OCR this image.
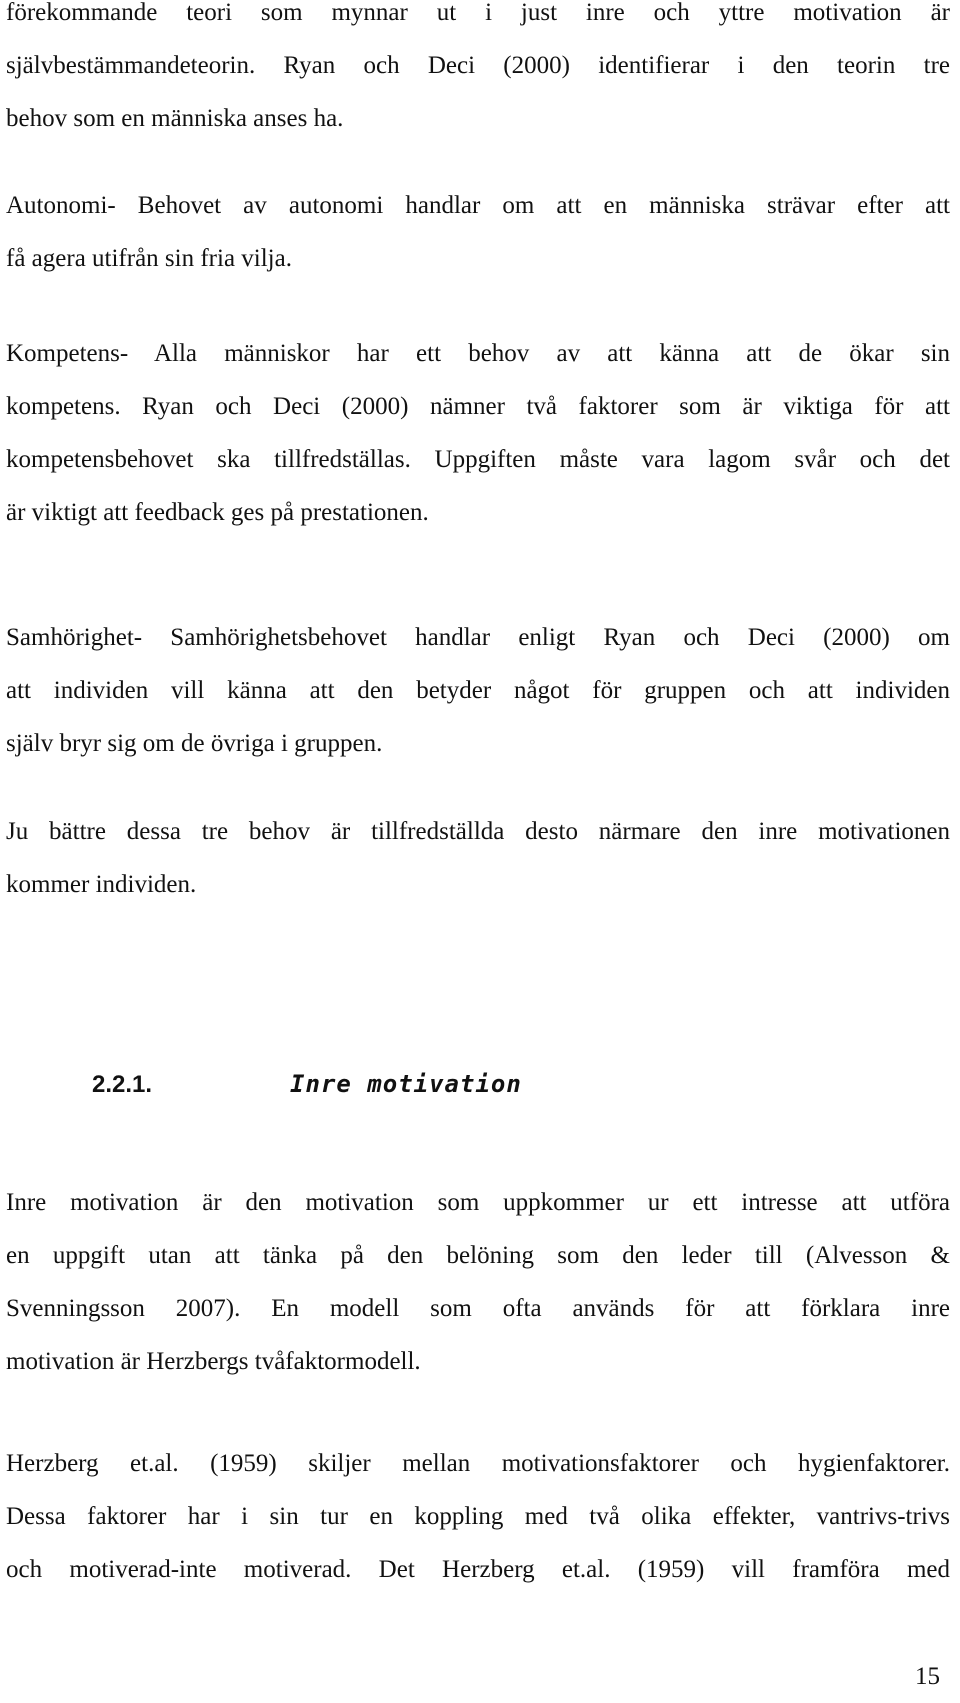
förekommande teori som mynnar ut i just inre och yttre motivation är
självbestämmandeteorin. Ryan och Deci (2000) identifierar i den teorin tre
behov som en människa anses ha.

Autonomi- Behovet av autonomi handlar om att en människa strävar efter att
få agera utifrån sin fria vilja.

Kompetens- Alla människor har ett behov av att känna att de ökar sin
kompetens. Ryan och Deci (2000) nämner två faktorer som är viktiga för att
kompetensbehovet ska tillfredställas. Uppgiften måste vara lagom svår och det
är viktigt att feedback ges på prestationen.

Samhörighet- Samhörighetsbehovet handlar enligt Ryan och Deci (2000) om
att individen vill känna att den betyder något för gruppen och att individen
själv bryr sig om de övriga i gruppen.

Ju bättre dessa tre behov är tillfredställda desto närmare den inre motivationen
kommer individen.

2.2.1.	Inre motivation

Inre motivation är den motivation som uppkommer ur ett intresse att utföra
en uppgift utan att tänka på den belöning som den leder till (Alvesson &
Svenningsson 2007). En modell som ofta används för att förklara inre
motivation är Herzbergs tvåfaktormodell.

Herzberg et.al. (1959) skiljer mellan motivationsfaktorer och hygienfaktorer.
Dessa faktorer har i sin tur en koppling med två olika effekter, vantrivs-trivs
och motiverad-inte motiverad. Det Herzberg et.al. (1959) vill framföra med

15
